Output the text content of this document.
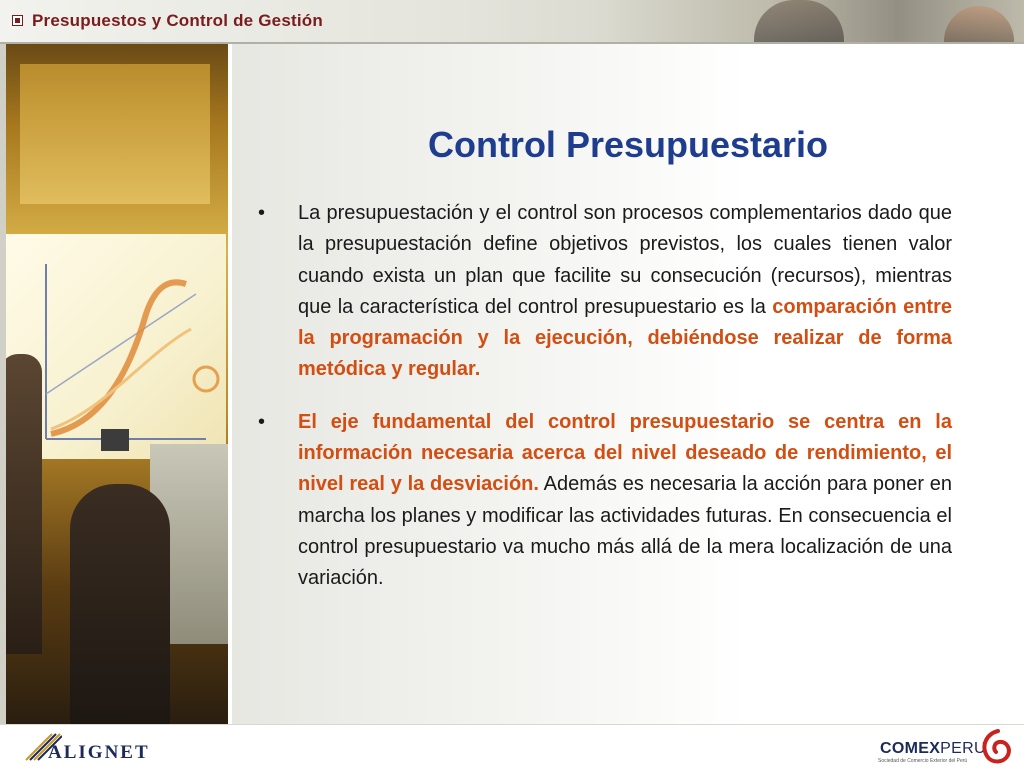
Presupuestos y Control de Gestión
Control Presupuestario
• La presupuestación y el control son procesos complementarios dado que la presupuestación define objetivos previstos, los cuales tienen valor cuando exista un plan que facilite su consecución (recursos), mientras que la característica del control presupuestario es la comparación entre la programación y la ejecución, debiéndose realizar de forma metódica y regular.
• El eje fundamental del control presupuestario se centra en la información necesaria acerca del nivel deseado de rendimiento, el nivel real y la desviación. Además es necesaria la acción para poner en marcha los planes y modificar las actividades futuras. En consecuencia el control presupuestario va mucho más allá de la mera localización de una variación.
ALIGNET	COMEXPERU
Sociedad de Comercio Exterior del Perú
